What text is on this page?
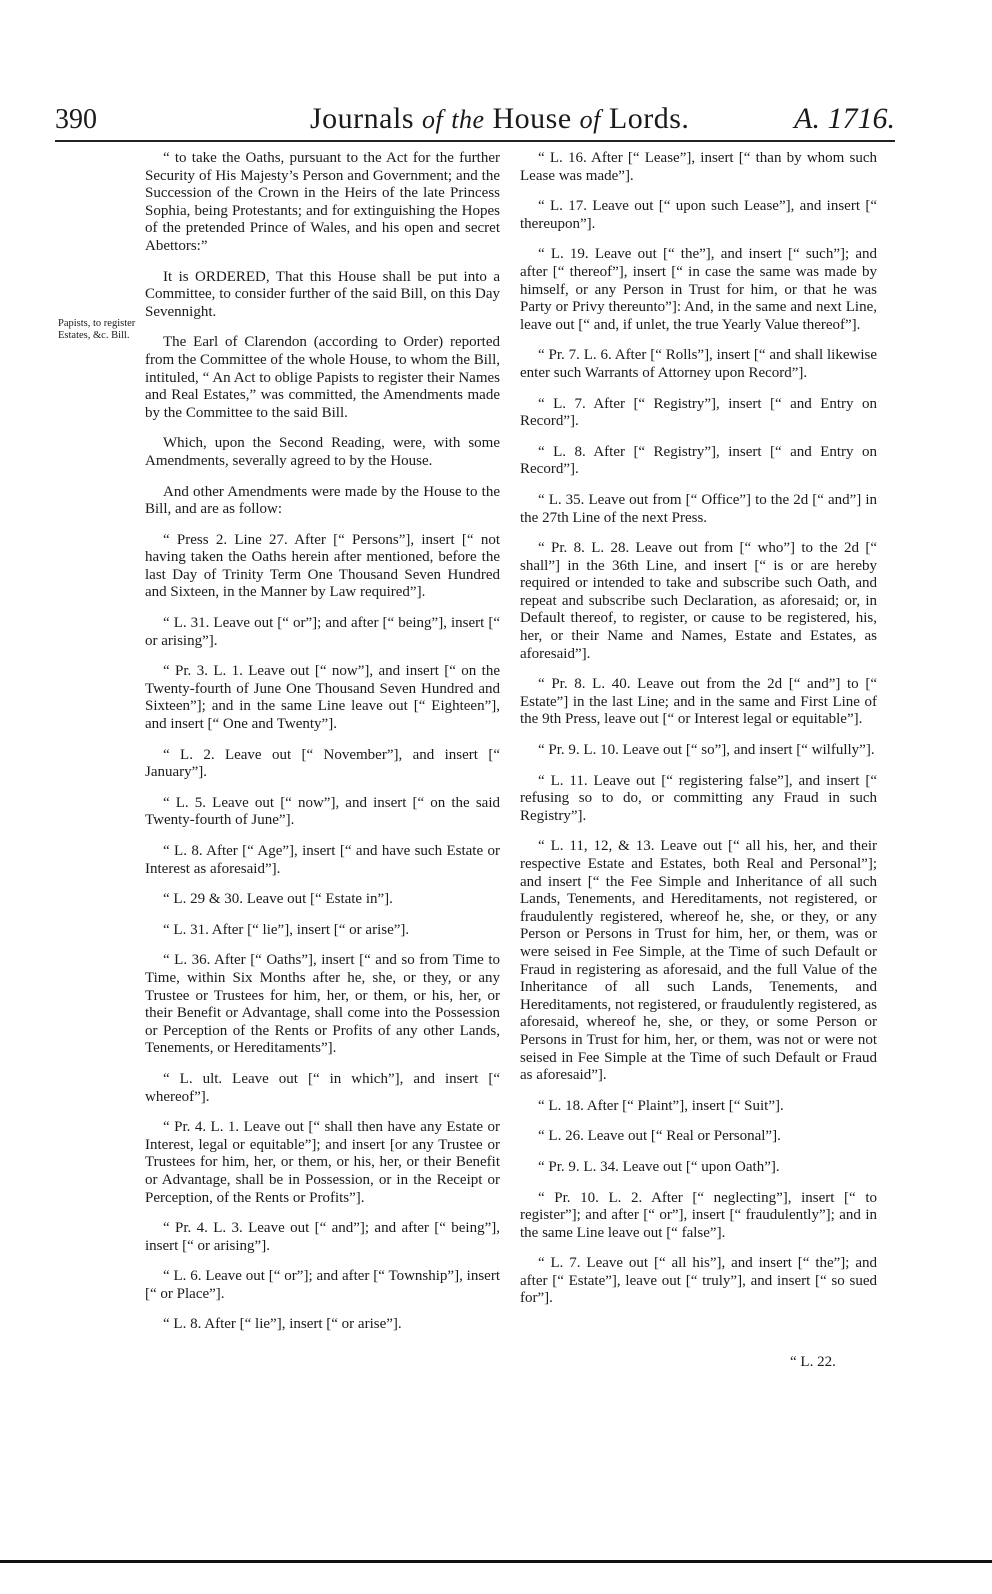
390	Journals of the House of Lords.	A. 1716.
Papists, to register Estates, &c. Bill.

“ to take the Oaths, pursuant to the Act for the further Security of His Majesty’s Person and Government; and the Succession of the Crown in the Heirs of the late Princess Sophia, being Protestants; and for extinguishing the Hopes of the pretended Prince of Wales, and his open and secret Abettors:”

It is ORDERED, That this House shall be put into a Committee, to consider further of the said Bill, on this Day Sevennight.

The Earl of Clarendon (according to Order) reported from the Committee of the whole House, to whom the Bill, intituled, “ An Act to oblige Papists to register their Names and Real Estates,” was committed, the Amendments made by the Committee to the said Bill.

Which, upon the Second Reading, were, with some Amendments, severally agreed to by the House.

And other Amendments were made by the House to the Bill, and are as follow:

“ Press 2. Line 27. After [“ Persons”], insert [“ not having taken the Oaths herein after mentioned, before the last Day of Trinity Term One Thousand Seven Hundred and Sixteen, in the Manner by Law required”].

“ L. 31. Leave out [“ or”]; and after [“ being”], insert [“ or arising”].

“ Pr. 3. L. 1. Leave out [“ now”], and insert [“ on the Twenty-fourth of June One Thousand Seven Hundred and Sixteen”]; and in the same Line leave out [“ Eighteen”], and insert [“ One and Twenty”].

“ L. 2. Leave out [“ November”], and insert [“ January”].

“ L. 5. Leave out [“ now”], and insert [“ on the said Twenty-fourth of June”].

“ L. 8. After [“ Age”], insert [“ and have such Estate or Interest as aforesaid”].

“ L. 29 & 30. Leave out [“ Estate in”].

“ L. 31. After [“ lie”], insert [“ or arise”].

“ L. 36. After [“ Oaths”], insert [“ and so from Time to Time, within Six Months after he, she, or they, or any Trustee or Trustees for him, her, or them, or his, her, or their Benefit or Advantage, shall come into the Possession or Perception of the Rents or Profits of any other Lands, Tenements, or Hereditaments”].

“ L. ult. Leave out [“ in which”], and insert [“ whereof”].

“ Pr. 4. L. 1. Leave out [“ shall then have any Estate or Interest, legal or equitable”]; and insert [or any Trustee or Trustees for him, her, or them, or his, her, or their Benefit or Advantage, shall be in Possession, or in the Receipt or Perception, of the Rents or Profits”].

“ Pr. 4. L. 3. Leave out [“ and”]; and after [“ being”], insert [“ or arising”].

“ L. 6. Leave out [“ or”]; and after [“ Township”], insert [“ or Place”].

“ L. 8. After [“ lie”], insert [“ or arise”].

“ L. 16. After [“ Lease”], insert [“ than by whom such Lease was made”].

“ L. 17. Leave out [“ upon such Lease”], and insert [“ thereupon”].

“ L. 19. Leave out [“ the”], and insert [“ such”]; and after [“ thereof”], insert [“ in case the same was made by himself, or any Person in Trust for him, or that he was Party or Privy thereunto”]: And, in the same and next Line, leave out [“ and, if unlet, the true Yearly Value thereof”].

“ Pr. 7. L. 6. After [“ Rolls”], insert [“ and shall likewise enter such Warrants of Attorney upon Record”].

“ L. 7. After [“ Registry”], insert [“ and Entry on Record”].

“ L. 8. After [“ Registry”], insert [“ and Entry on Record”].

“ L. 35. Leave out from [“ Office”] to the 2d [“ and”] in the 27th Line of the next Press.

“ Pr. 8. L. 28. Leave out from [“ who”] to the 2d [“ shall”] in the 36th Line, and insert [“ is or are hereby required or intended to take and subscribe such Oath, and repeat and subscribe such Declaration, as aforesaid; or, in Default thereof, to register, or cause to be registered, his, her, or their Name and Names, Estate and Estates, as aforesaid”].

“ Pr. 8. L. 40. Leave out from the 2d [“ and”] to [“ Estate”] in the last Line; and in the same and First Line of the 9th Press, leave out [“ or Interest legal or equitable”].

“ Pr. 9. L. 10. Leave out [“ so”], and insert [“ wilfully”].

“ L. 11. Leave out [“ registering false”], and insert [“ refusing so to do, or committing any Fraud in such Registry”].

“ L. 11, 12, & 13. Leave out [“ all his, her, and their respective Estate and Estates, both Real and Personal”]; and insert [“ the Fee Simple and Inheritance of all such Lands, Tenements, and Hereditaments, not registered, or fraudulently registered, whereof he, she, or they, or any Person or Persons in Trust for him, her, or them, was or were seised in Fee Simple, at the Time of such Default or Fraud in registering as aforesaid, and the full Value of the Inheritance of all such Lands, Tenements, and Hereditaments, not registered, or fraudulently registered, as aforesaid, whereof he, she, or they, or some Person or Persons in Trust for him, her, or them, was not or were not seised in Fee Simple at the Time of such Default or Fraud as aforesaid”].

“ L. 18. After [“ Plaint”], insert [“ Suit”].

“ L. 26. Leave out [“ Real or Personal”].

“ Pr. 9. L. 34. Leave out [“ upon Oath”].

“ Pr. 10. L. 2. After [“ neglecting”], insert [“ to register”]; and after [“ or”], insert [“ fraudulently”]; and in the same Line leave out [“ false”].

“ L. 7. Leave out [“ all his”], and insert [“ the”]; and after [“ Estate”], leave out [“ truly”], and insert [“ so sued for”].

“ L. 22.
